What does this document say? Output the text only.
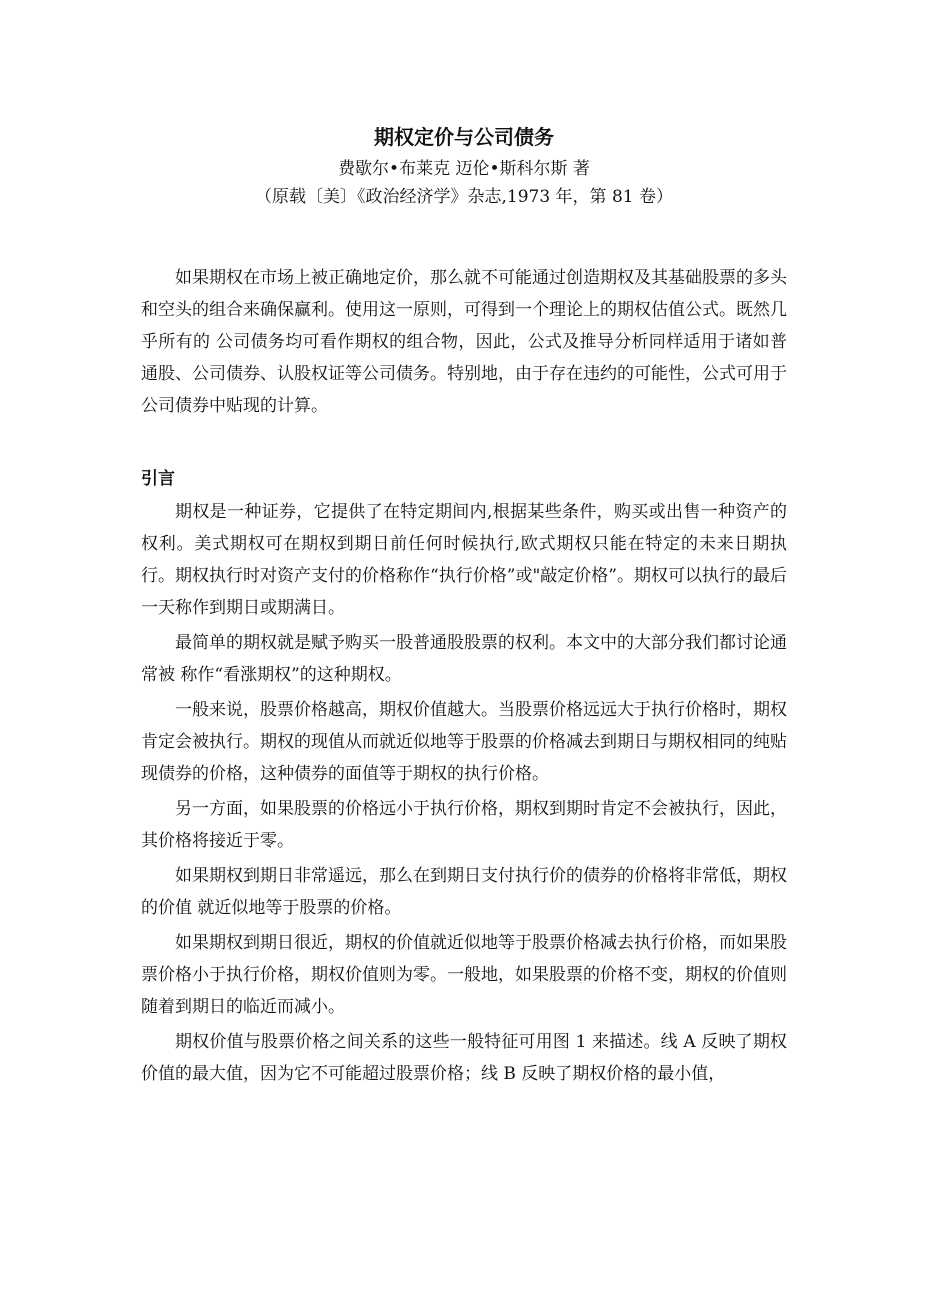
期权定价与公司债务
费歇尔•布莱克 迈伦•斯科尔斯 著
（原载〔美〕《政治经济学》杂志,1973 年，第 81 卷）

如果期权在市场上被正确地定价，那么就不可能通过创造期权及其基础股票的多头和空头的组合来确保赢利。使用这一原则，可得到一个理论上的期权估值公式。既然几乎所有的 公司债务均可看作期权的组合物，因此，公式及推导分析同样适用于诸如普通股、公司债券、认股权证等公司债务。特别地，由于存在违约的可能性，公式可用于公司债券中贴现的计算。

引言

期权是一种证券，它提供了在特定期间内,根据某些条件，购买或出售一种资产的权利。美式期权可在期权到期日前任何时候执行,欧式期权只能在特定的未来日期执行。期权执行时对资产支付的价格称作“执行价格”或"敲定价格”。期权可以执行的最后一天称作到期日或期满日。

最简单的期权就是赋予购买一股普通股股票的权利。本文中的大部分我们都讨论通常被 称作“看涨期权”的这种期权。

一般来说，股票价格越高，期权价值越大。当股票价格远远大于执行价格时，期权肯定会被执行。期权的现值从而就近似地等于股票的价格减去到期日与期权相同的纯贴现债券的价格，这种债券的面值等于期权的执行价格。

另一方面，如果股票的价格远小于执行价格，期权到期时肯定不会被执行，因此，其价格将接近于零。

如果期权到期日非常遥远，那么在到期日支付执行价的债券的价格将非常低，期权的价值 就近似地等于股票的价格。

如果期权到期日很近，期权的价值就近似地等于股票价格减去执行价格，而如果股票价格小于执行价格，期权价值则为零。一般地，如果股票的价格不变，期权的价值则随着到期日的临近而减小。

期权价值与股票价格之间关系的这些一般特征可用图 1 来描述。线 A 反映了期权价值的最大值，因为它不可能超过股票价格；线 B 反映了期权价格的最小值，
